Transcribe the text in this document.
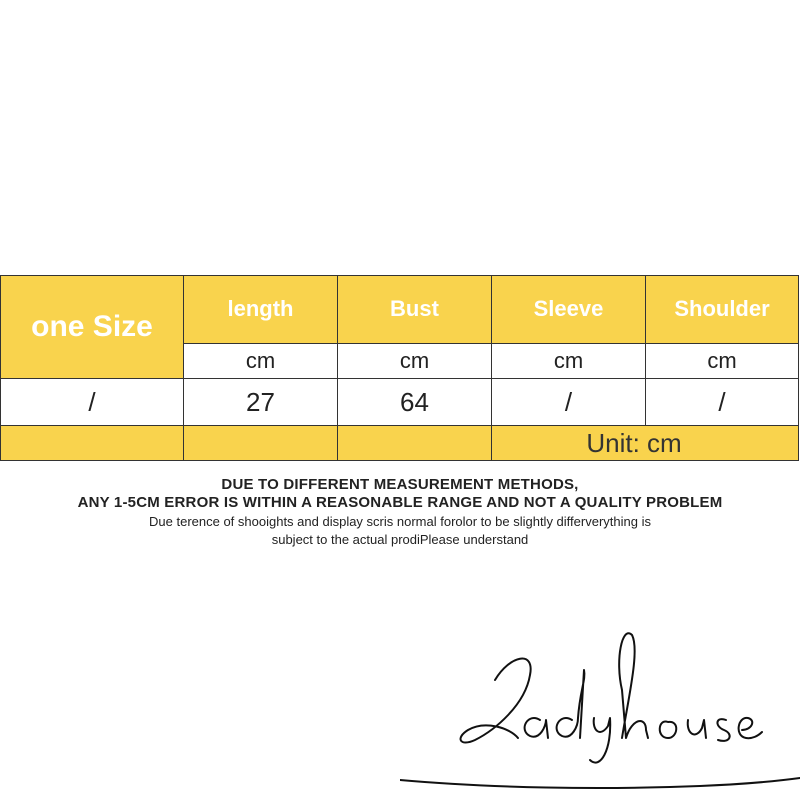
one Size	length	Bust	Sleeve	Shoulder
	cm	cm	cm	cm
/	27	64	/	/
			Unit: cm	
DUE TO DIFFERENT MEASUREMENT METHODS,
ANY 1-5CM ERROR IS WITHIN A REASONABLE RANGE AND NOT A QUALITY PROBLEM
Due terence of shooights and display scris normal forolor to be slightly differverything is
subject to the actual prodiPlease understand
